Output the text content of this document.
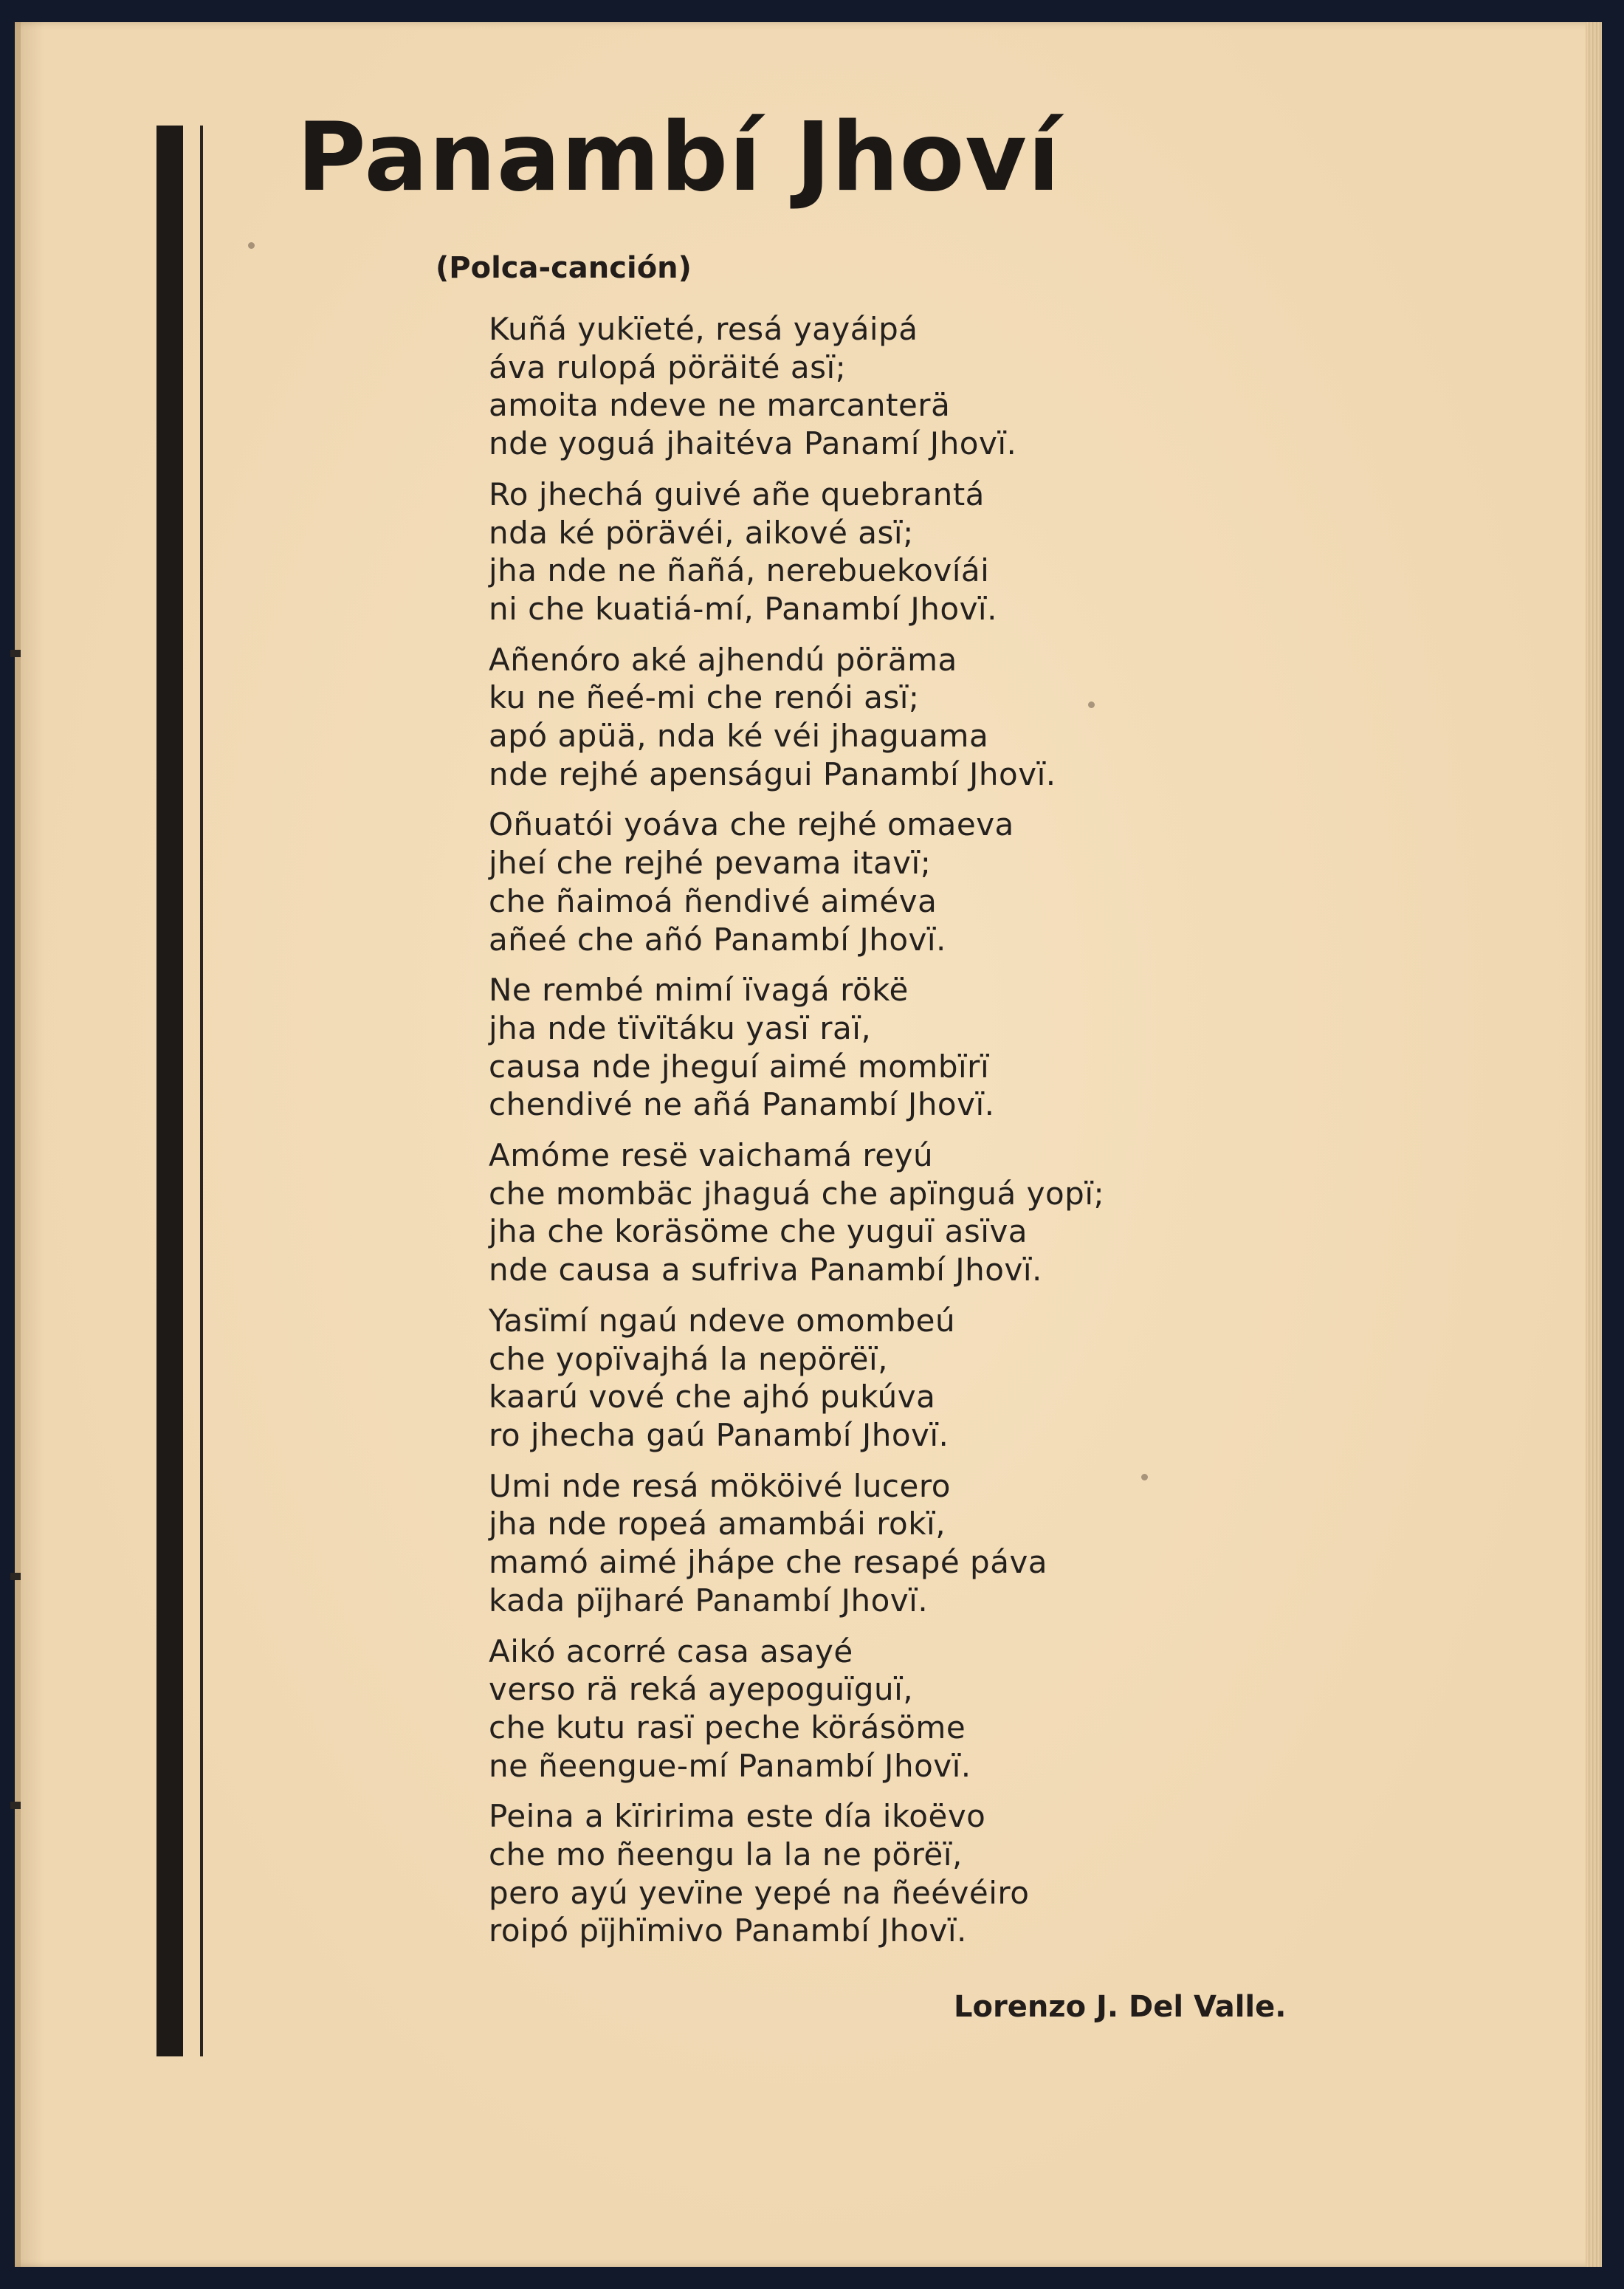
Panambí Jhoví

(Polca-canción)

Kuñá yukïeté, resá yayáipá
áva rulopá pöräité asï;
amoita ndeve ne marcanterä
nde yoguá jhaitéva Panamí Jhovï.
Ro jhechá guivé añe quebrantá
nda ké pörävéi, aikové asï;
jha nde ne ñañá, nerebuekovíái
ni che kuatiá-mí, Panambí Jhovï.
Añenóro aké ajhendú pöräma
ku ne ñeé-mi che renói asï;
apó apüä, nda ké véi jhaguama
nde rejhé apenságui Panambí Jhovï.
Oñuatói yoáva che rejhé omaeva
jheí che rejhé pevama itavï;
che ñaimoá ñendivé aiméva
añeé che añó Panambí Jhovï.
Ne rembé mimí ïvagá rökë
jha nde tïvïtáku yasï raï,
causa nde jheguí aimé mombïrï
chendivé ne añá Panambí Jhovï.
Amóme resë vaichamá reyú
che mombäc jhaguá che apïnguá yopï;
jha che koräsöme che yuguï asïva
nde causa a sufriva Panambí Jhovï.
Yasïmí ngaú ndeve omombeú
che yopïvajhá la nepörëï,
kaarú vové che ajhó pukúva
ro jhecha gaú Panambí Jhovï.
Umi nde resá mököivé lucero
jha nde ropeá amambái rokï,
mamó aimé jhápe che resapé páva
kada pïjharé Panambí Jhovï.
Aikó acorré casa asayé
verso rä reká ayepoguïguï,
che kutu rasï peche körásöme
ne ñeengue-mí Panambí Jhovï.
Peina a kïririma este día ikoëvo
che mo ñeengu la la ne pörëï,
pero ayú yevïne yepé na ñeévéiro
roipó pïjhïmivo Panambí Jhovï.

Lorenzo J. Del Valle.
